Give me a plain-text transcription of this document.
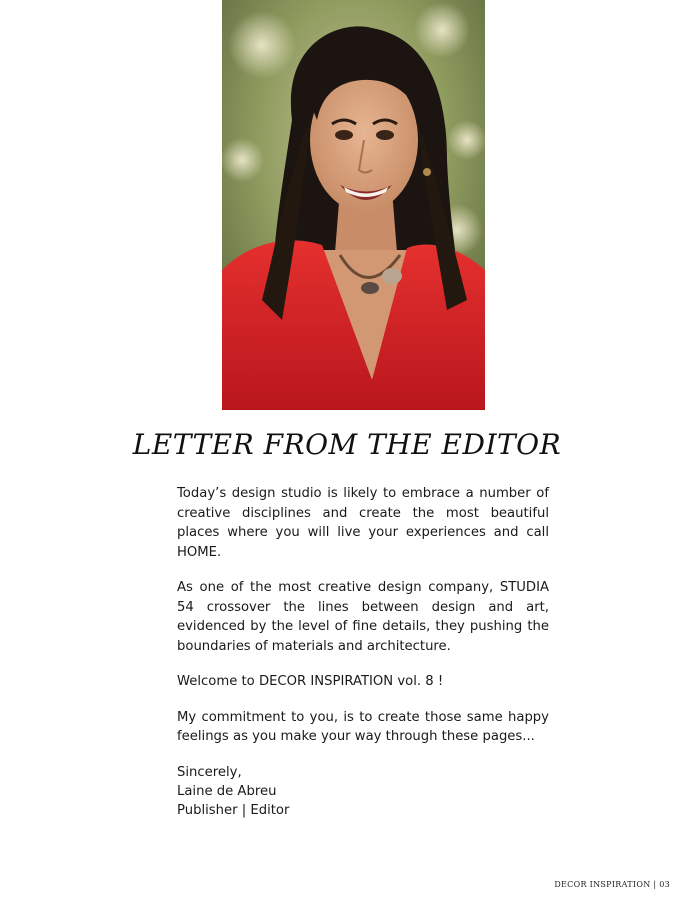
LETTER FROM THE EDITOR

Today’s design studio is likely to embrace a number of creative disciplines and create the most beautiful places where you will live your experiences and call HOME.

As one of the most creative design company, STUDIA 54 crossover the lines between design and art, evidenced by the level of fine details, they pushing the boundaries of materials and architecture.

Welcome to DECOR INSPIRATION vol. 8 !

My commitment to you, is to create those same happy feelings as you make your way through these pages...

Sincerely,
Laine de Abreu
Publisher | Editor
DECOR INSPIRATION | 03
